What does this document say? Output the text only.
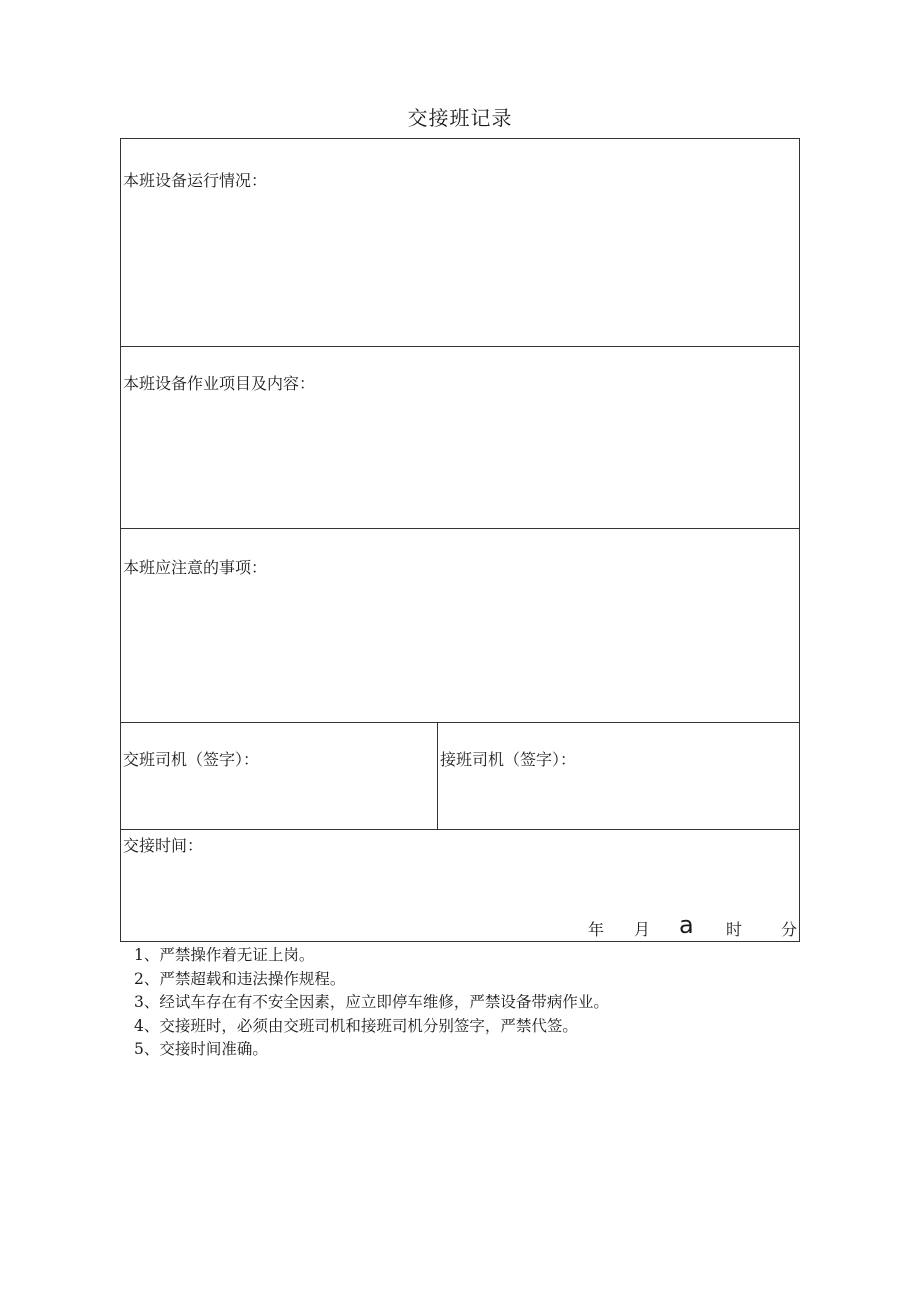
交接班记录
本班设备运行情况：
本班设备作业项目及内容：
本班应注意的事项：
交班司机（签字）：	接班司机（签字）：
交接时间：
年 月 a 时 分
1、严禁操作着无证上岗。
2、严禁超载和违法操作规程。
3、经试车存在有不安全因素，应立即停车维修，严禁设备带病作业。
4、交接班时，必须由交班司机和接班司机分别签字，严禁代签。
5、交接时间准确。
